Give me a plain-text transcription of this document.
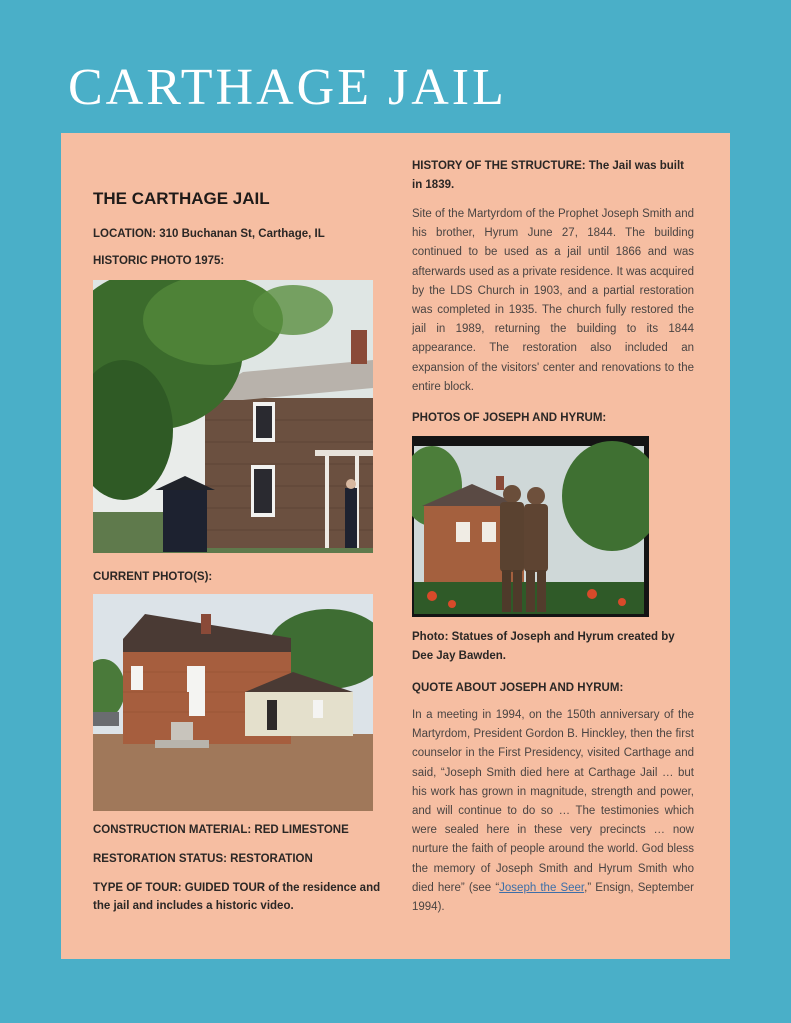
CARTHAGE JAIL
THE CARTHAGE JAIL
LOCATION: 310 Buchanan St, Carthage, IL
HISTORIC PHOTO 1975:
CURRENT PHOTO(S):
CONSTRUCTION MATERIAL: RED LIMESTONE
RESTORATION STATUS: RESTORATION
TYPE OF TOUR: GUIDED TOUR of the residence and the jail and includes a historic video.
HISTORY OF THE STRUCTURE: The Jail was built in 1839.
Site of the Martyrdom of the Prophet Joseph Smith and his brother, Hyrum June 27, 1844. The building continued to be used as a jail until 1866 and was afterwards used as a private residence. It was acquired by the LDS Church in 1903, and a partial restoration was completed in 1935. The church fully restored the jail in 1989, returning the building to its 1844 appearance. The restoration also included an expansion of the visitors' center and renovations to the entire block.
PHOTOS OF JOSEPH AND HYRUM:
Photo: Statues of Joseph and Hyrum created by Dee Jay Bawden.
QUOTE ABOUT JOSEPH AND HYRUM:
In a meeting in 1994, on the 150th anniversary of the Martyrdom, President Gordon B. Hinckley, then the first counselor in the First Presidency, visited Carthage and said, “Joseph Smith died here at Carthage Jail … but his work has grown in magnitude, strength and power, and will continue to do so … The testimonies which were sealed here in these very precincts … now nurture the faith of people around the world. God bless the memory of Joseph Smith and Hyrum Smith who died here” (see “Joseph the Seer,” Ensign, September 1994).
